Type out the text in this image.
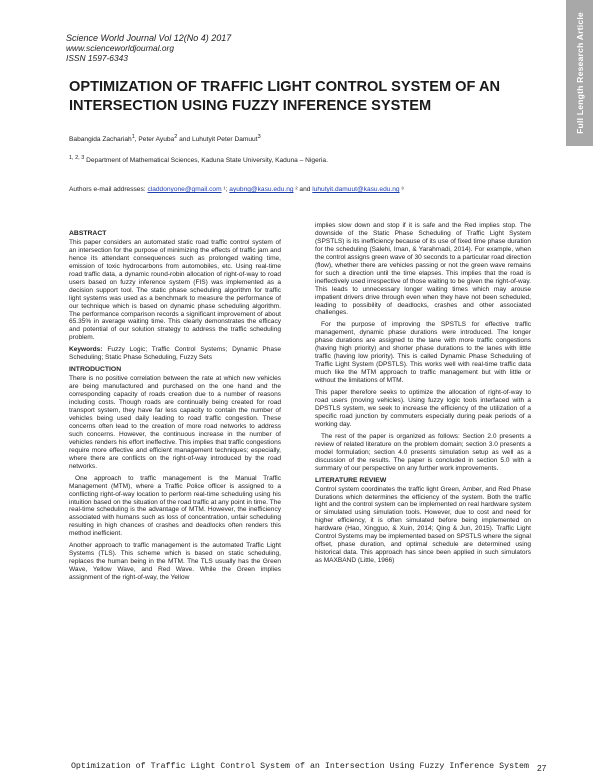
Science World Journal Vol 12(No 4) 2017
www.scienceworldjournal.org
ISSN 1597-6343	Full Length Research Article
OPTIMIZATION OF TRAFFIC LIGHT CONTROL SYSTEM OF AN INTERSECTION USING FUZZY INFERENCE SYSTEM
Babangida Zachariah$^1$, Peter Ayuba$^2$ and Luhutyit Peter Damuut$^3$
$^{1, 2, 3}$ Department of Mathematical Sciences, Kaduna State University, Kaduna – Nigeria.
Authors e-mail addresses: claddonyone@gmail.com ¹; ayubng@kasu.edu.ng ² and luhutyit.damuut@kasu.edu.ng ³
ABSTRACT

This paper considers an automated static road traffic control system of an intersection for the purpose of minimizing the effects of traffic jam and hence its attendant consequences such as prolonged waiting time, emission of toxic hydrocarbons from automobiles, etc. Using real-time road traffic data, a dynamic round-robin allocation of right-of-way to road users based on fuzzy inference system (FIS) was implemented as a decision support tool. The static phase scheduling algorithm for traffic light systems was used as a benchmark to measure the performance of our technique which is based on dynamic phase scheduling algorithm. The performance comparison records a significant improvement of about 65.35% in average waiting time. This clearly demonstrates the efficacy and potential of our solution strategy to address the traffic scheduling problem.

Keywords: Fuzzy Logic; Traffic Control Systems; Dynamic Phase Scheduling; Static Phase Scheduling, Fuzzy Sets

INTRODUCTION

There is no positive correlation between the rate at which new vehicles are being manufactured and purchased on the one hand and the corresponding capacity of roads creation due to a number of reasons including costs. Though roads are continually being created for road transport system, they have far less capacity to contain the number of vehicles being used daily leading to road traffic congestion. These concerns often lead to the creation of more road networks to address such concerns. However, the continuous increase in the number of vehicles renders his effort ineffective. This implies that traffic congestions require more effective and efficient management techniques; especially, where there are conflicts on the right-of-way introduced by the road networks.

One approach to traffic management is the Manual Traffic Management (MTM), where a Traffic Police officer is assigned to a conflicting right-of-way location to perform real-time scheduling using his intuition based on the situation of the road traffic at any point in time. The real-time scheduling is the advantage of MTM. However, the inefficiency associated with humans such as loss of concentration, unfair scheduling resulting in high chances of crashes and deadlocks often renders this method inefficient.

Another approach to traffic management is the automated Traffic Light Systems (TLS). This scheme which is based on static scheduling, replaces the human being in the MTM. The TLS usually has the Green Wave, Yellow Wave, and Red Wave. While the Green implies assignment of the right-of-way, the Yellow

implies slow down and stop if it is safe and the Red implies stop. The downside of the Static Phase Scheduling of Traffic Light System (SPSTLS) is its inefficiency because of its use of fixed time phase duration for the scheduling (Salehi, Iman, & Yarahmadi, 2014). For example, when the control assigns green wave of 30 seconds to a particular road direction (flow), whether there are vehicles passing or not the green wave remains for such a direction until the time elapses. This implies that the road is ineffectively used irrespective of those waiting to be given the right-of-way. This leads to unnecessary longer waiting times which may arouse impatient drivers drive through even when they have not been scheduled, leading to possibility of deadlocks, crashes and other associated challenges.

For the purpose of improving the SPSTLS for effective traffic management, dynamic phase durations were introduced. The longer phase durations are assigned to the lane with more traffic congestions (having high priority) and shorter phase durations to the lanes with little traffic (having low priority). This is called Dynamic Phase Scheduling of Traffic Light System (DPSTLS). This works well with real-time traffic data much like the MTM approach to traffic management but with little or without the limitations of MTM.

This paper therefore seeks to optimize the allocation of right-of-way to road users (moving vehicles). Using fuzzy logic tools interfaced with a DPSTLS system, we seek to increase the efficiency of the utilization of a specific road junction by commuters especially during peak periods of a working day.

The rest of the paper is organized as follows: Section 2.0 presents a review of related literature on the problem domain; section 3.0 presents a model formulation; section 4.0 presents simulation setup as well as a discussion of the results. The paper is concluded in section 5.0 with a summary of our perspective on any further work improvements.

LITERATURE REVIEW

Control system coordinates the traffic light Green, Amber, and Red Phase Durations which determines the efficiency of the system. Both the traffic light and the control system can be implemented on real hardware system or simulated using simulation tools. However, due to cost and need for higher efficiency, it is often simulated before being implemented on hardware (Hao, Xingguo, & Xuin, 2014; Qing & Jun, 2015). Traffic Light Control Systems may be implemented based on SPSTLS where the signal offset, phase duration, and optimal schedule are determined using historical data. This approach has since been applied in such simulators as MAXBAND (Little, 1966)

Optimization of Traffic Light Control System of an Intersection Using Fuzzy Inference System 27
